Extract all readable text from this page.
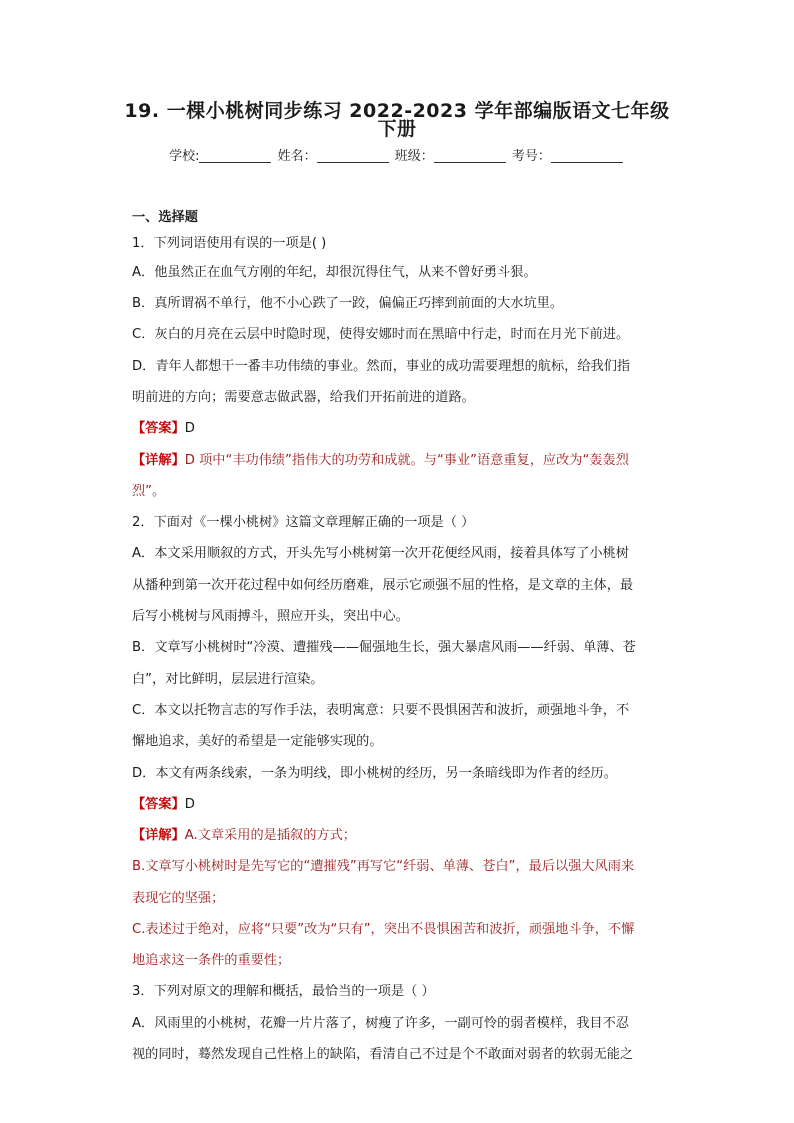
19. 一棵小桃树同步练习 2022-2023 学年部编版语文七年级
下册
学校:	姓名：	班级：	考号：
一、选择题
1．下列词语使用有误的一项是( )
A．他虽然正在血气方刚的年纪，却很沉得住气，从来不曾好勇斗狠。
B．真所谓祸不单行，他不小心跌了一跤，偏偏正巧摔到前面的大水坑里。
C．灰白的月亮在云层中时隐时现，使得安娜时而在黑暗中行走，时而在月光下前进。
D．青年人都想干一番丰功伟绩的事业。然而，事业的成功需要理想的航标，给我们指
明前进的方向；需要意志做武器，给我们开拓前进的道路。
【答案】D
【详解】D 项中“丰功伟绩”指伟大的功劳和成就。与“事业”语意重复，应改为“轰轰烈
烈”。
2．下面对《一棵小桃树》这篇文章理解正确的一项是（ ）
A．本文采用顺叙的方式，开头先写小桃树第一次开花便经风雨，接着具体写了小桃树
从播种到第一次开花过程中如何经历磨难，展示它顽强不屈的性格，是文章的主体，最
后写小桃树与风雨搏斗，照应开头，突出中心。
B．文章写小桃树时“冷漠、遭摧残——倔强地生长，强大暴虐风雨——纤弱、单薄、苍
白”，对比鲜明，层层进行渲染。
C．本文以托物言志的写作手法，表明寓意：只要不畏惧困苦和波折，顽强地斗争，不
懈地追求，美好的希望是一定能够实现的。
D．本文有两条线索，一条为明线，即小桃树的经历，另一条暗线即为作者的经历。
【答案】D
【详解】A.文章采用的是插叙的方式；
B.文章写小桃树时是先写它的“遭摧残”再写它“纤弱、单薄、苍白”，最后以强大风雨来
表现它的坚强；
C.表述过于绝对，应将“只要”改为“只有”，突出不畏惧困苦和波折，顽强地斗争，不懈
地追求这一条件的重要性；
3．下列对原文的理解和概括，最恰当的一项是（ ）
A．风雨里的小桃树，花瓣一片片落了，树瘦了许多，一副可怜的弱者模样，我目不忍
视的同时，蓦然发现自己性格上的缺陷，看清自己不过是个不敢面对弱者的软弱无能之
